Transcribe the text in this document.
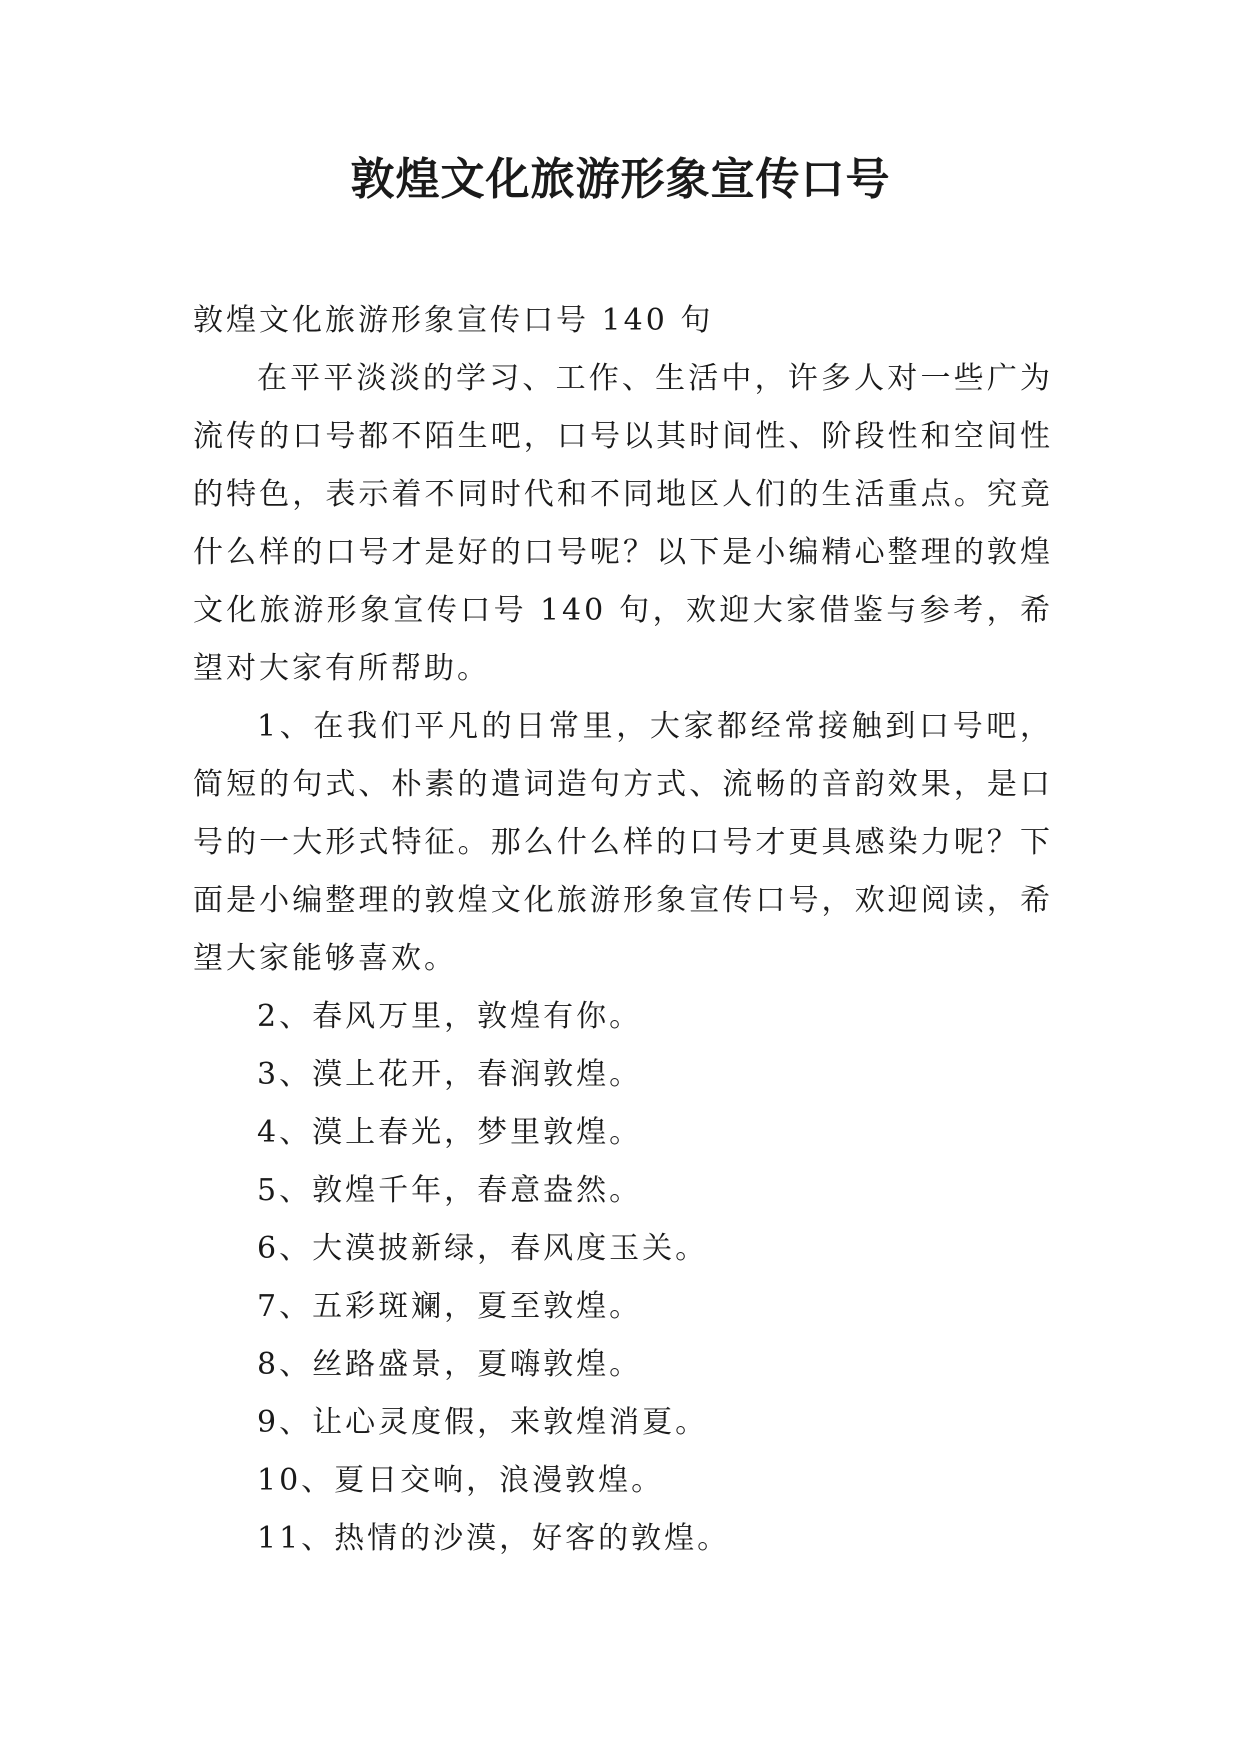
敦煌文化旅游形象宣传口号

敦煌文化旅游形象宣传口号 140 句

在平平淡淡的学习、工作、生活中，许多人对一些广为流传的口号都不陌生吧，口号以其时间性、阶段性和空间性的特色，表示着不同时代和不同地区人们的生活重点。究竟什么样的口号才是好的口号呢？以下是小编精心整理的敦煌文化旅游形象宣传口号 140 句，欢迎大家借鉴与参考，希望对大家有所帮助。

1、在我们平凡的日常里，大家都经常接触到口号吧，简短的句式、朴素的遣词造句方式、流畅的音韵效果，是口号的一大形式特征。那么什么样的口号才更具感染力呢？下面是小编整理的敦煌文化旅游形象宣传口号，欢迎阅读，希望大家能够喜欢。

2、春风万里，敦煌有你。

3、漠上花开，春润敦煌。

4、漠上春光，梦里敦煌。

5、敦煌千年，春意盎然。

6、大漠披新绿，春风度玉关。

7、五彩斑斓，夏至敦煌。

8、丝路盛景，夏嗨敦煌。

9、让心灵度假，来敦煌消夏。

10、夏日交响，浪漫敦煌。

11、热情的沙漠，好客的敦煌。
